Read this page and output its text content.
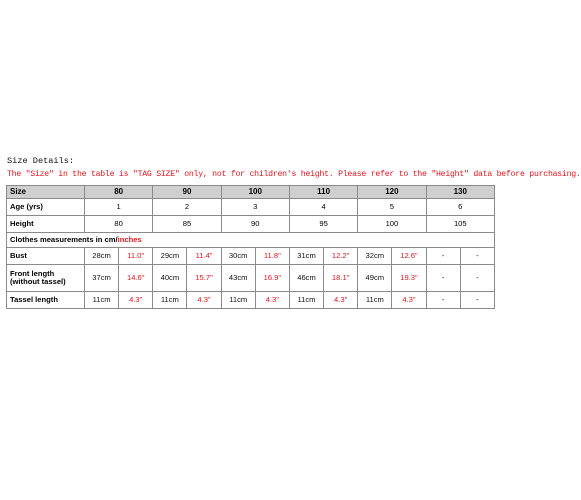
Size Details:
The "Size" in the table is "TAG SIZE" only, not for children's height. Please refer to the "Height" data before purchasing.
Size	80		90		100		110		120		130	
Age (yrs)	1		2		3		4		5		6	
Height	80		85		90		95		100		105	
Clothes measurements in cm/inches												
Bust	28cm	11.0"	29cm	11.4"	30cm	11.8"	31cm	12.2"	32cm	12.6"	-	-
Front length
(without tassel)	37cm	14.6"	40cm	15.7"	43cm	16.9"	46cm	18.1"	49cm	19.3"	-	-
Tassel length	11cm	4.3"	11cm	4.3"	11cm	4.3"	11cm	4.3"	11cm	4.3"	-	-
